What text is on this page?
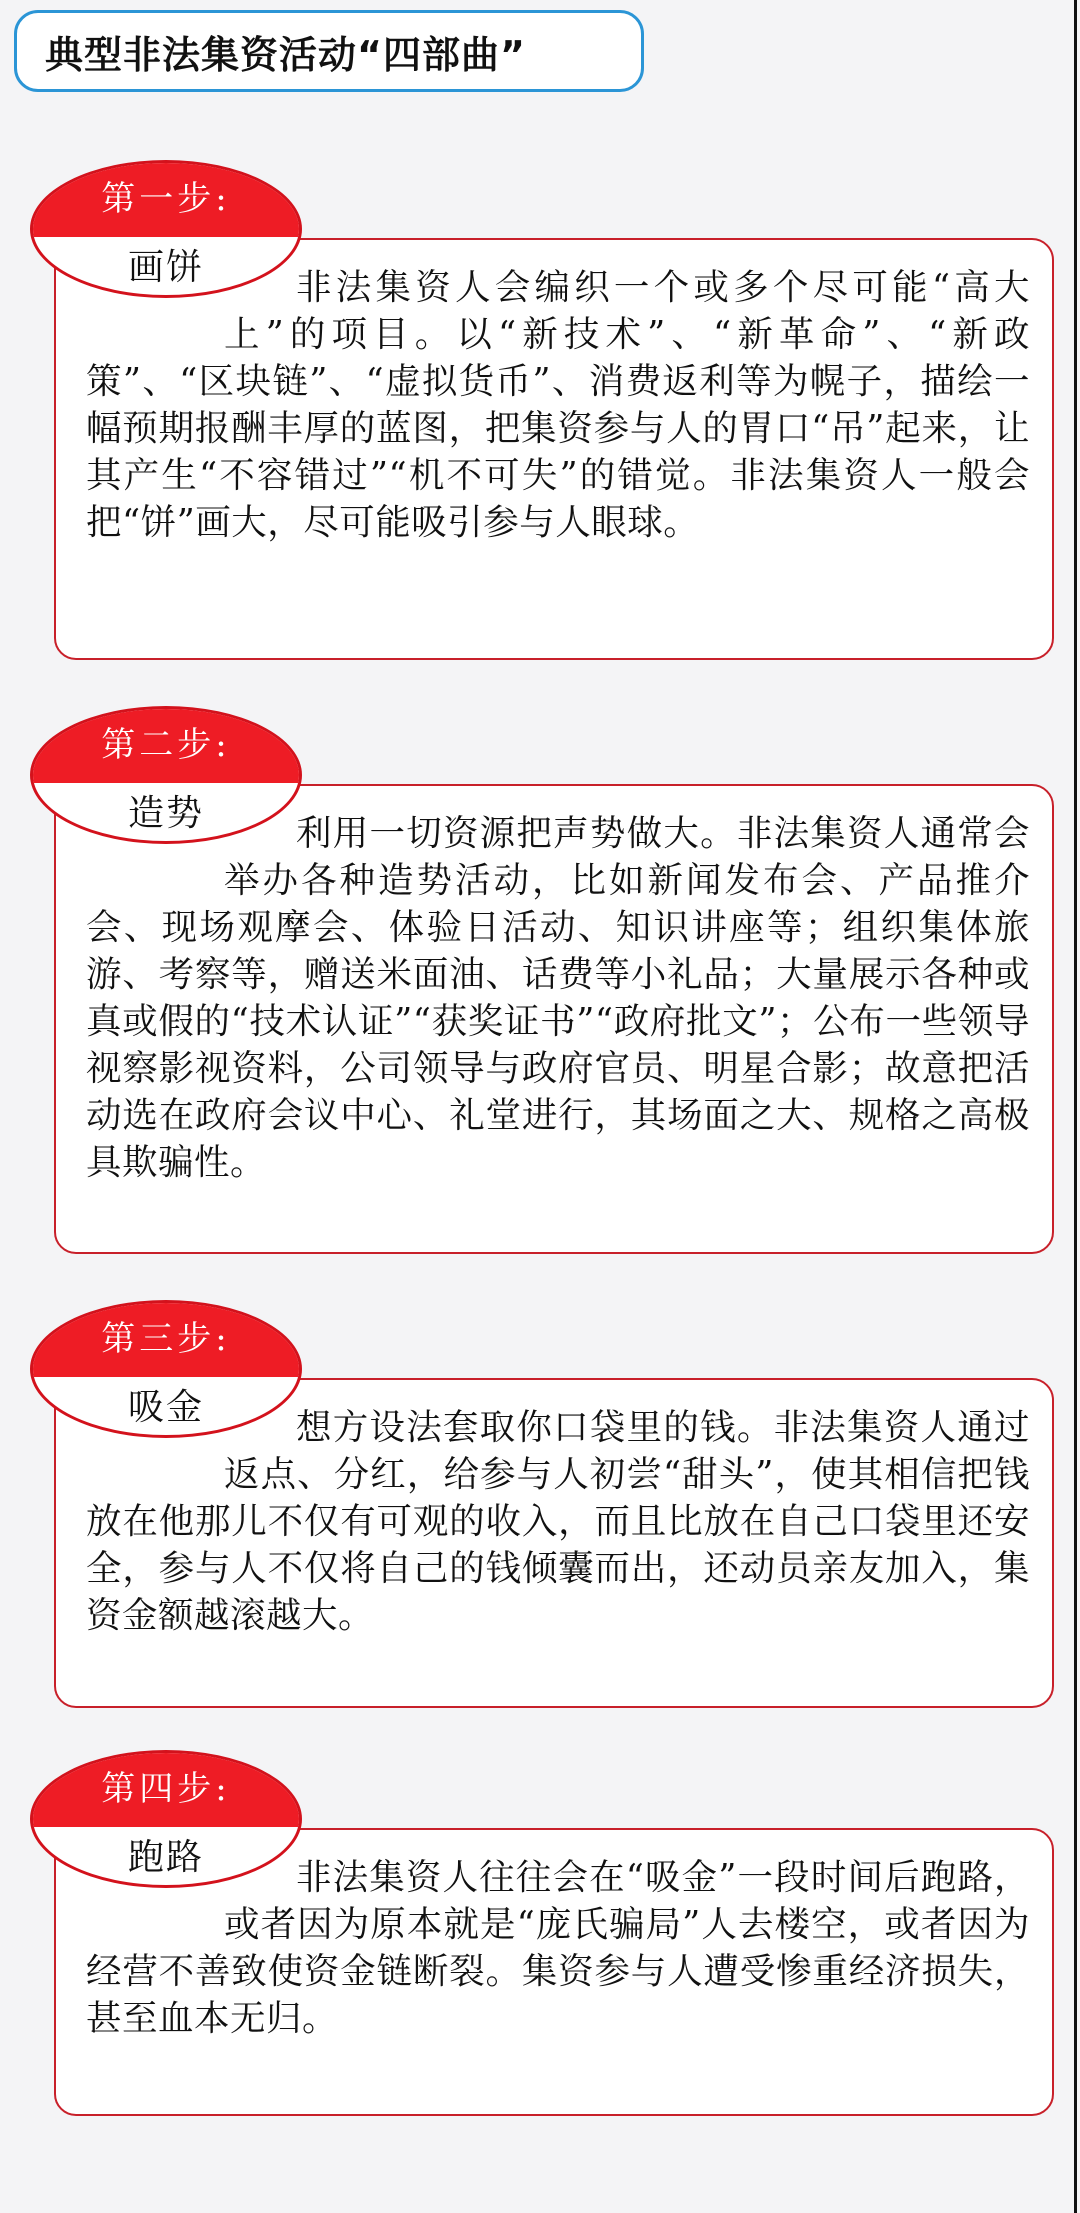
典型非法集资活动“四部曲”
第一步:
画饼	非法集资人会编织一个或多个尽可能“高大上”的项目。以“新技术”、“新革命”、“新政策”、“区块链”、“虚拟货币”、消费返利等为幌子，描绘一幅预期报酬丰厚的蓝图，把集资参与人的胃口“吊”起来，让其产生“不容错过”“机不可失”的错觉。非法集资人一般会把“饼”画大，尽可能吸引参与人眼球。

第二步:
造势	利用一切资源把声势做大。非法集资人通常会举办各种造势活动，比如新闻发布会、产品推介会、现场观摩会、体验日活动、知识讲座等；组织集体旅游、考察等，赠送米面油、话费等小礼品；大量展示各种或真或假的“技术认证”“获奖证书”“政府批文”；公布一些领导视察影视资料，公司领导与政府官员、明星合影；故意把活动选在政府会议中心、礼堂进行，其场面之大、规格之高极具欺骗性。

第三步:
吸金	想方设法套取你口袋里的钱。非法集资人通过返点、分红，给参与人初尝“甜头”，使其相信把钱放在他那儿不仅有可观的收入，而且比放在自己口袋里还安全，参与人不仅将自己的钱倾囊而出，还动员亲友加入，集资金额越滚越大。

第四步:
跑路	非法集资人往往会在“吸金”一段时间后跑路，或者因为原本就是“庞氏骗局”人去楼空，或者因为经营不善致使资金链断裂。集资参与人遭受惨重经济损失，甚至血本无归。
